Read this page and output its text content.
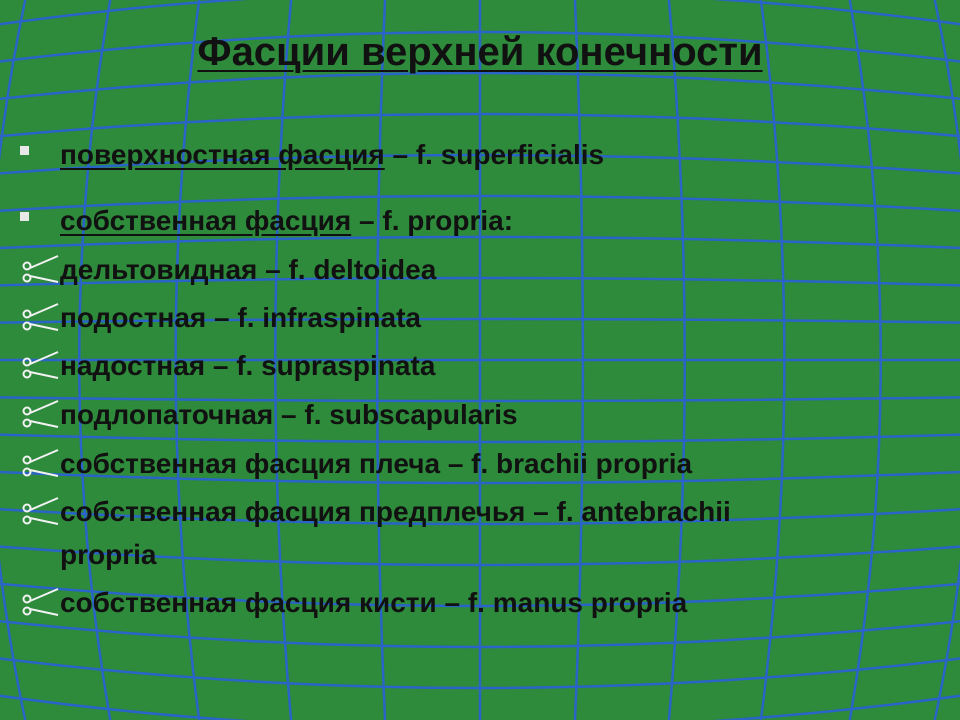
Фасции верхней конечности
поверхностная фасция – f. superficialis
собственная фасция – f. propria:
дельтовидная – f. deltoidea
подостная – f. infraspinata
надостная – f. supraspinata
подлопаточная – f. subscapularis
собственная фасция плеча – f. brachii propria
собственная фасция предплечья – f. antebrachii
proprіa
собственная фасция кисти – f. manus propria
